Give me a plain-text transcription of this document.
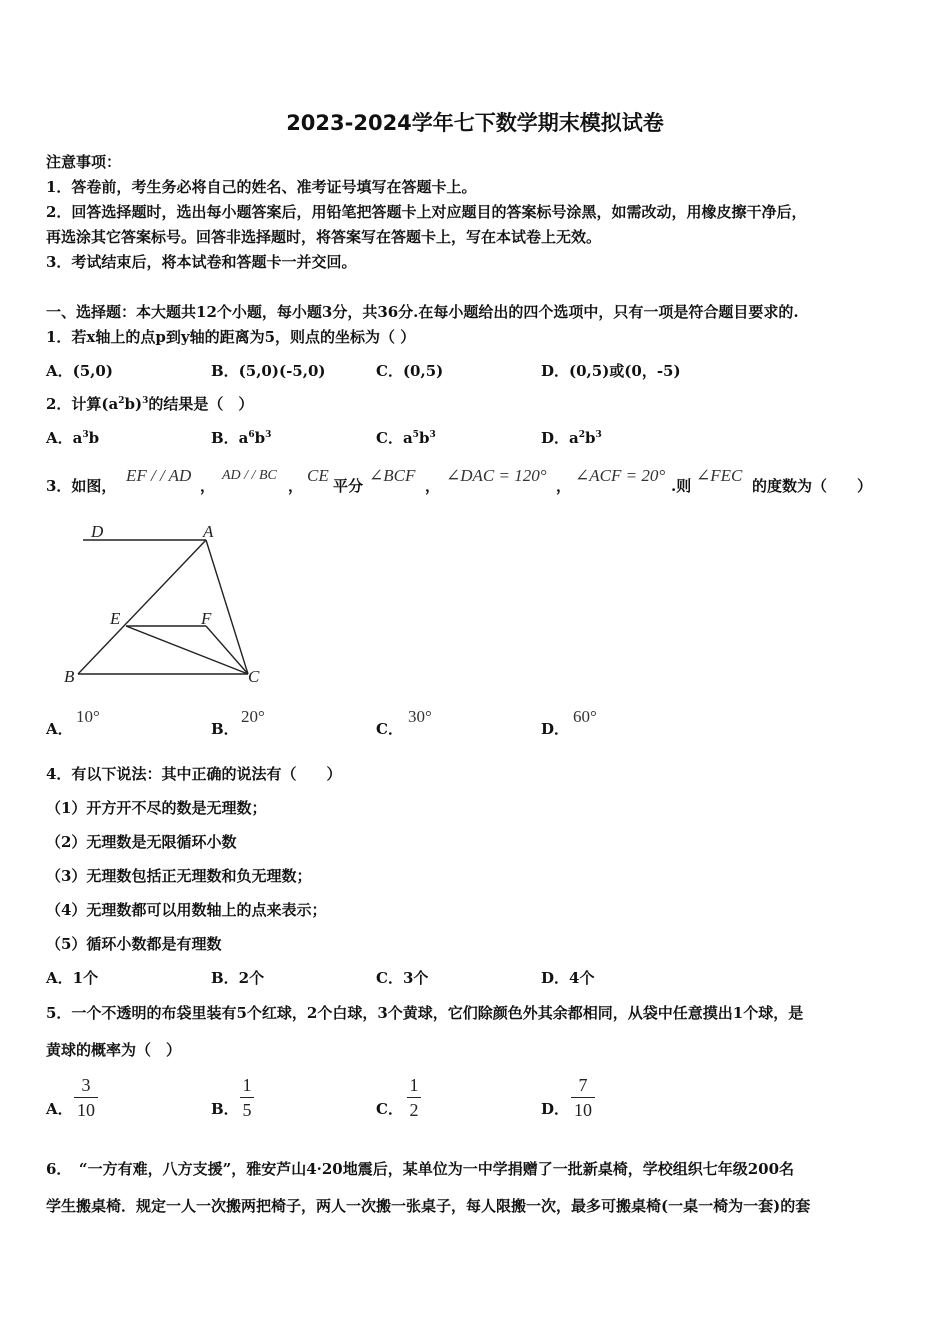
2023-2024学年七下数学期末模拟试卷
注意事项：
1．答卷前，考生务必将自己的姓名、准考证号填写在答题卡上。
2．回答选择题时，选出每小题答案后，用铅笔把答题卡上对应题目的答案标号涂黑，如需改动，用橡皮擦干净后，
再选涂其它答案标号。回答非选择题时，将答案写在答题卡上，写在本试卷上无效。
3．考试结束后，将本试卷和答题卡一并交回。
一、选择题：本大题共12个小题，每小题3分，共36分.在每小题给出的四个选项中，只有一项是符合题目要求的.
1．若x轴上的点p到y轴的距离为5，则点的坐标为（ ）
A．(5,0)	B．(5,0)(-5,0)	C．(0,5)	D．(0,5)或(0，-5)
2．计算$(a^2b)^3$的结果是（　）
A．$a^3b$	B．$a^6b^3$	C．$a^5b^3$	D．$a^2b^3$
3．如图，
EF / / AD
，
AD / / BC
，
CE
平分
∠BCF
，
∠DAC = 120°
，
∠ACF = 20°
.则
∠FEC
的度数为（　　）
D	A
E	F
B	C
A．
10°
B．
20°
C．
30°
D．
60°
4．有以下说法：其中正确的说法有（　　）
（1）开方开不尽的数是无理数；
（2）无理数是无限循环小数
（3）无理数包括正无理数和负无理数；
（4）无理数都可以用数轴上的点来表示；
（5）循环小数都是有理数
A．1个	B．2个	C．3个	D．4个
5．一个不透明的布袋里装有5个红球，2个白球，3个黄球，它们除颜色外其余都相同，从袋中任意摸出1个球，是
黄球的概率为（　）
A．
3
10	B．
1
5	C．
1
2	D．
7
10
6．　“一方有难，八方支援”，雅安芦山4·20地震后，某单位为一中学捐赠了一批新桌椅，学校组织七年级200名
学生搬桌椅．规定一人一次搬两把椅子，两人一次搬一张桌子，每人限搬一次，最多可搬桌椅(一桌一椅为一套)的套
